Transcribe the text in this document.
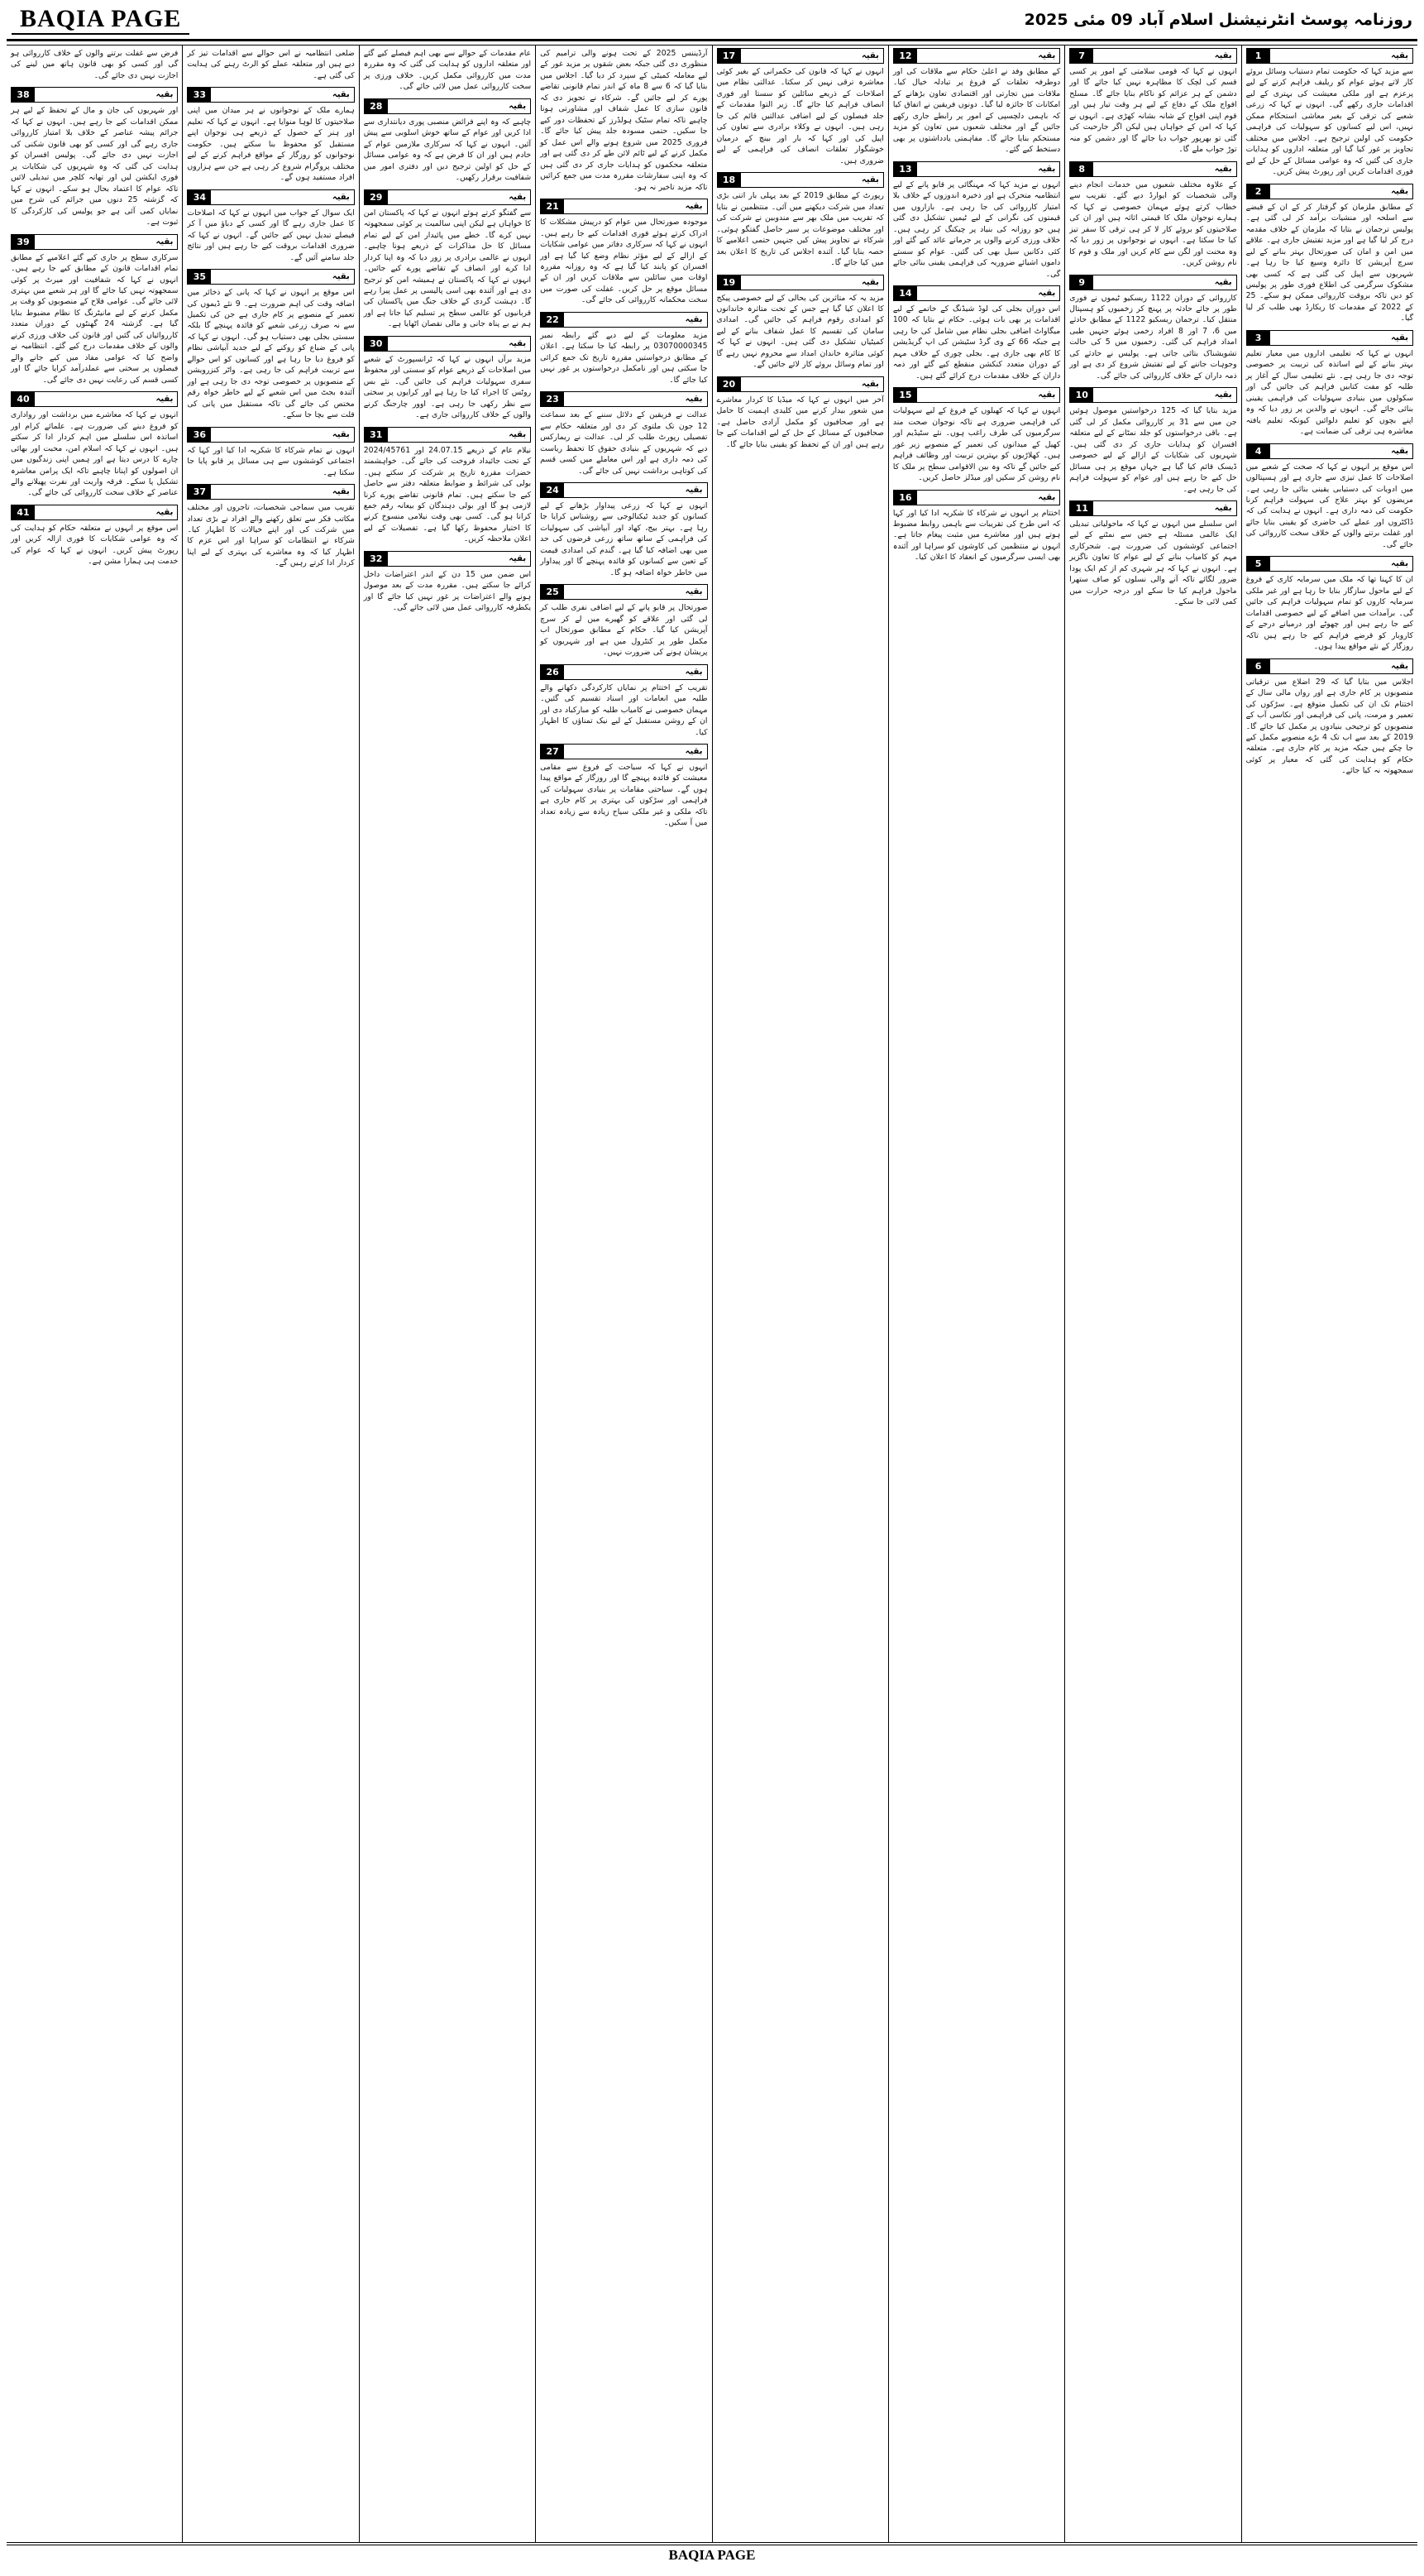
BAQIA PAGE	روزنامہ پوسٹ انٹرنیشنل اسلام آباد 09 مئی 2025
1	بقیہ
سے مزید کہا کہ حکومت تمام دستیاب وسائل بروئے کار لاتے ہوئے عوام کو ریلیف فراہم کرنے کے لیے پرعزم ہے اور ملکی معیشت کی بہتری کے لیے اقدامات جاری رکھے گی۔ انہوں نے کہا کہ زرعی شعبے کی ترقی کے بغیر معاشی استحکام ممکن نہیں، اس لیے کسانوں کو سہولیات کی فراہمی حکومت کی اولین ترجیح ہے۔ اجلاس میں مختلف تجاویز پر غور کیا گیا اور متعلقہ اداروں کو ہدایات جاری کی گئیں کہ وہ عوامی مسائل کے حل کے لیے فوری اقدامات کریں اور رپورٹ پیش کریں۔
2	بقیہ
کے مطابق ملزمان کو گرفتار کر کے ان کے قبضے سے اسلحہ اور منشیات برآمد کر لی گئی ہے۔ پولیس ترجمان نے بتایا کہ ملزمان کے خلاف مقدمہ درج کر لیا گیا ہے اور مزید تفتیش جاری ہے۔ علاقے میں امن و امان کی صورتحال بہتر بنانے کے لیے سرچ آپریشن کا دائرہ وسیع کیا جا رہا ہے۔ شہریوں سے اپیل کی گئی ہے کہ کسی بھی مشکوک سرگرمی کی اطلاع فوری طور پر پولیس کو دیں تاکہ بروقت کارروائی ممکن ہو سکے۔ 25 کے 2022 کے مقدمات کا ریکارڈ بھی طلب کر لیا گیا۔
3	بقیہ
انہوں نے کہا کہ تعلیمی اداروں میں معیار تعلیم بہتر بنانے کے لیے اساتذہ کی تربیت پر خصوصی توجہ دی جا رہی ہے۔ نئے تعلیمی سال کے آغاز پر طلبہ کو مفت کتابیں فراہم کی جائیں گی اور سکولوں میں بنیادی سہولیات کی فراہمی یقینی بنائی جائے گی۔ انہوں نے والدین پر زور دیا کہ وہ اپنے بچوں کو تعلیم دلوائیں کیونکہ تعلیم یافتہ معاشرہ ہی ترقی کی ضمانت ہے۔
4	بقیہ
اس موقع پر انہوں نے کہا کہ صحت کے شعبے میں اصلاحات کا عمل تیزی سے جاری ہے اور ہسپتالوں میں ادویات کی دستیابی یقینی بنائی جا رہی ہے۔ مریضوں کو بہتر علاج کی سہولت فراہم کرنا حکومت کی ذمہ داری ہے۔ انہوں نے ہدایت کی کہ ڈاکٹروں اور عملے کی حاضری کو یقینی بنایا جائے اور غفلت برتنے والوں کے خلاف سخت کارروائی کی جائے گی۔
5	بقیہ
ان کا کہنا تھا کہ ملک میں سرمایہ کاری کے فروغ کے لیے ماحول سازگار بنایا جا رہا ہے اور غیر ملکی سرمایہ کاروں کو تمام سہولیات فراہم کی جائیں گی۔ برآمدات میں اضافے کے لیے خصوصی اقدامات کیے جا رہے ہیں اور چھوٹے اور درمیانے درجے کے کاروبار کو قرضے فراہم کیے جا رہے ہیں تاکہ روزگار کے نئے مواقع پیدا ہوں۔
6	بقیہ
اجلاس میں بتایا گیا کہ 29 اضلاع میں ترقیاتی منصوبوں پر کام جاری ہے اور رواں مالی سال کے اختتام تک ان کی تکمیل متوقع ہے۔ سڑکوں کی تعمیر و مرمت، پانی کی فراہمی اور نکاسی آب کے منصوبوں کو ترجیحی بنیادوں پر مکمل کیا جائے گا۔ 2019 کے بعد سے اب تک 4 بڑے منصوبے مکمل کیے جا چکے ہیں جبکہ مزید پر کام جاری ہے۔ متعلقہ حکام کو ہدایت کی گئی کہ معیار پر کوئی سمجھوتہ نہ کیا جائے۔
7	بقیہ
انہوں نے کہا کہ قومی سلامتی کے امور پر کسی قسم کی لچک کا مظاہرہ نہیں کیا جائے گا اور دشمن کے ہر عزائم کو ناکام بنایا جائے گا۔ مسلح افواج ملک کے دفاع کے لیے ہر وقت تیار ہیں اور قوم اپنی افواج کے شانہ بشانہ کھڑی ہے۔ انہوں نے کہا کہ امن کے خواہاں ہیں لیکن اگر جارحیت کی گئی تو بھرپور جواب دیا جائے گا اور دشمن کو منہ توڑ جواب ملے گا۔
8	بقیہ
کے علاوہ مختلف شعبوں میں خدمات انجام دینے والی شخصیات کو ایوارڈ دیے گئے۔ تقریب سے خطاب کرتے ہوئے مہمان خصوصی نے کہا کہ ہمارے نوجوان ملک کا قیمتی اثاثہ ہیں اور ان کی صلاحیتوں کو بروئے کار لا کر ہی ترقی کا سفر تیز کیا جا سکتا ہے۔ انہوں نے نوجوانوں پر زور دیا کہ وہ محنت اور لگن سے کام کریں اور ملک و قوم کا نام روشن کریں۔
9	بقیہ
کارروائی کے دوران 1122 ریسکیو ٹیموں نے فوری طور پر جائے حادثہ پر پہنچ کر زخمیوں کو ہسپتال منتقل کیا۔ ترجمان ریسکیو 1122 کے مطابق حادثے میں 6، 7 اور 8 افراد زخمی ہوئے جنہیں طبی امداد فراہم کی گئی۔ زخمیوں میں 5 کی حالت تشویشناک بتائی جاتی ہے۔ پولیس نے حادثے کی وجوہات جاننے کے لیے تفتیش شروع کر دی ہے اور ذمہ داران کے خلاف کارروائی کی جائے گی۔
10	بقیہ
مزید بتایا گیا کہ 125 درخواستیں موصول ہوئیں جن میں سے 31 پر کارروائی مکمل کر لی گئی ہے۔ باقی درخواستوں کو جلد نمٹانے کے لیے متعلقہ افسران کو ہدایات جاری کر دی گئی ہیں۔ شہریوں کی شکایات کے ازالے کے لیے خصوصی ڈیسک قائم کیا گیا ہے جہاں موقع پر ہی مسائل حل کیے جا رہے ہیں اور عوام کو سہولت فراہم کی جا رہی ہے۔
11	بقیہ
اس سلسلے میں انہوں نے کہا کہ ماحولیاتی تبدیلی ایک عالمی مسئلہ ہے جس سے نمٹنے کے لیے اجتماعی کوششوں کی ضرورت ہے۔ شجرکاری مہم کو کامیاب بنانے کے لیے عوام کا تعاون ناگزیر ہے۔ انہوں نے کہا کہ ہر شہری کم از کم ایک پودا ضرور لگائے تاکہ آنے والی نسلوں کو صاف ستھرا ماحول فراہم کیا جا سکے اور درجہ حرارت میں کمی لائی جا سکے۔
12	بقیہ
کے مطابق وفد نے اعلیٰ حکام سے ملاقات کی اور دوطرفہ تعلقات کے فروغ پر تبادلہ خیال کیا۔ ملاقات میں تجارتی اور اقتصادی تعاون بڑھانے کے امکانات کا جائزہ لیا گیا۔ دونوں فریقین نے اتفاق کیا کہ باہمی دلچسپی کے امور پر رابطے جاری رکھے جائیں گے اور مختلف شعبوں میں تعاون کو مزید مستحکم بنایا جائے گا۔ مفاہمتی یادداشتوں پر بھی دستخط کیے گئے۔
13	بقیہ
انہوں نے مزید کہا کہ مہنگائی پر قابو پانے کے لیے انتظامیہ متحرک ہے اور ذخیرہ اندوزوں کے خلاف بلا امتیاز کارروائی کی جا رہی ہے۔ بازاروں میں قیمتوں کی نگرانی کے لیے ٹیمیں تشکیل دی گئی ہیں جو روزانہ کی بنیاد پر چیکنگ کر رہی ہیں۔ خلاف ورزی کرنے والوں پر جرمانے عائد کیے گئے اور کئی دکانیں سیل بھی کی گئیں۔ عوام کو سستے داموں اشیائے ضروریہ کی فراہمی یقینی بنائی جائے گی۔
14	بقیہ
اس دوران بجلی کی لوڈ شیڈنگ کے خاتمے کے لیے اقدامات پر بھی بات ہوئی۔ حکام نے بتایا کہ 100 میگاواٹ اضافی بجلی نظام میں شامل کی جا رہی ہے جبکہ 66 کے وی گرڈ سٹیشن کی اپ گریڈیشن کا کام بھی جاری ہے۔ بجلی چوری کے خلاف مہم کے دوران متعدد کنکشن منقطع کیے گئے اور ذمہ داران کے خلاف مقدمات درج کرائے گئے ہیں۔
15	بقیہ
انہوں نے کہا کہ کھیلوں کے فروغ کے لیے سہولیات کی فراہمی ضروری ہے تاکہ نوجوان صحت مند سرگرمیوں کی طرف راغب ہوں۔ نئے سٹیڈیم اور کھیل کے میدانوں کی تعمیر کے منصوبے زیر غور ہیں۔ کھلاڑیوں کو بہترین تربیت اور وظائف فراہم کیے جائیں گے تاکہ وہ بین الاقوامی سطح پر ملک کا نام روشن کر سکیں اور میڈلز حاصل کریں۔
16	بقیہ
اختتام پر انہوں نے شرکاء کا شکریہ ادا کیا اور کہا کہ اس طرح کی تقریبات سے باہمی روابط مضبوط ہوتے ہیں اور معاشرے میں مثبت پیغام جاتا ہے۔ انہوں نے منتظمین کی کاوشوں کو سراہا اور آئندہ بھی ایسی سرگرمیوں کے انعقاد کا اعلان کیا۔
17	بقیہ
انہوں نے کہا کہ قانون کی حکمرانی کے بغیر کوئی معاشرہ ترقی نہیں کر سکتا۔ عدالتی نظام میں اصلاحات کے ذریعے سائلین کو سستا اور فوری انصاف فراہم کیا جائے گا۔ زیر التوا مقدمات کے جلد فیصلوں کے لیے اضافی عدالتیں قائم کی جا رہی ہیں۔ انہوں نے وکلاء برادری سے تعاون کی اپیل کی اور کہا کہ بار اور بینچ کے درمیان خوشگوار تعلقات انصاف کی فراہمی کے لیے ضروری ہیں۔
18	بقیہ
رپورٹ کے مطابق 2019 کے بعد پہلی بار اتنی بڑی تعداد میں شرکت دیکھنے میں آئی۔ منتظمین نے بتایا کہ تقریب میں ملک بھر سے مندوبین نے شرکت کی اور مختلف موضوعات پر سیر حاصل گفتگو ہوئی۔ شرکاء نے تجاویز پیش کیں جنہیں حتمی اعلامیے کا حصہ بنایا گیا۔ آئندہ اجلاس کی تاریخ کا اعلان بعد میں کیا جائے گا۔
19	بقیہ
مزید یہ کہ متاثرین کی بحالی کے لیے خصوصی پیکج کا اعلان کیا گیا ہے جس کے تحت متاثرہ خاندانوں کو امدادی رقوم فراہم کی جائیں گی۔ امدادی سامان کی تقسیم کا عمل شفاف بنانے کے لیے کمیٹیاں تشکیل دی گئی ہیں۔ انہوں نے کہا کہ کوئی متاثرہ خاندان امداد سے محروم نہیں رہے گا اور تمام وسائل بروئے کار لائے جائیں گے۔
20	بقیہ
آخر میں انہوں نے کہا کہ میڈیا کا کردار معاشرے میں شعور بیدار کرنے میں کلیدی اہمیت کا حامل ہے اور صحافیوں کو مکمل آزادی حاصل ہے۔ صحافیوں کے مسائل کے حل کے لیے اقدامات کیے جا رہے ہیں اور ان کے تحفظ کو یقینی بنایا جائے گا۔
آرڈیننس 2025 کے تحت ہونے والی ترامیم کی منظوری دی گئی جبکہ بعض شقوں پر مزید غور کے لیے معاملہ کمیٹی کے سپرد کر دیا گیا۔ اجلاس میں بتایا گیا کہ 6 سے 8 ماہ کے اندر تمام قانونی تقاضے پورے کر لیے جائیں گے۔ شرکاء نے تجویز دی کہ قانون سازی کا عمل شفاف اور مشاورتی ہونا چاہیے تاکہ تمام سٹیک ہولڈرز کے تحفظات دور کیے جا سکیں۔ حتمی مسودہ جلد پیش کیا جائے گا۔ فروری 2025 میں شروع ہونے والے اس عمل کو مکمل کرنے کے لیے ٹائم لائن طے کر دی گئی ہے اور متعلقہ محکموں کو ہدایات جاری کر دی گئی ہیں کہ وہ اپنی سفارشات مقررہ مدت میں جمع کرائیں تاکہ مزید تاخیر نہ ہو۔
21	بقیہ
موجودہ صورتحال میں عوام کو درپیش مشکلات کا ادراک کرتے ہوئے فوری اقدامات کیے جا رہے ہیں۔ انہوں نے کہا کہ سرکاری دفاتر میں عوامی شکایات کے ازالے کے لیے مؤثر نظام وضع کیا گیا ہے اور افسران کو پابند کیا گیا ہے کہ وہ روزانہ مقررہ اوقات میں سائلین سے ملاقات کریں اور ان کے مسائل موقع پر حل کریں۔ غفلت کی صورت میں سخت محکمانہ کارروائی کی جائے گی۔
22	بقیہ
مزید معلومات کے لیے دیے گئے رابطہ نمبر 03070000345 پر رابطہ کیا جا سکتا ہے۔ اعلان کے مطابق درخواستیں مقررہ تاریخ تک جمع کرائی جا سکتی ہیں اور نامکمل درخواستوں پر غور نہیں کیا جائے گا۔
23	بقیہ
عدالت نے فریقین کے دلائل سننے کے بعد سماعت 12 جون تک ملتوی کر دی اور متعلقہ حکام سے تفصیلی رپورٹ طلب کر لی۔ عدالت نے ریمارکس دیے کہ شہریوں کے بنیادی حقوق کا تحفظ ریاست کی ذمہ داری ہے اور اس معاملے میں کسی قسم کی کوتاہی برداشت نہیں کی جائے گی۔
24	بقیہ
انہوں نے کہا کہ زرعی پیداوار بڑھانے کے لیے کسانوں کو جدید ٹیکنالوجی سے روشناس کرایا جا رہا ہے۔ بہتر بیج، کھاد اور آبپاشی کی سہولیات کی فراہمی کے ساتھ ساتھ زرعی قرضوں کی حد میں بھی اضافہ کیا گیا ہے۔ گندم کی امدادی قیمت کے تعین سے کسانوں کو فائدہ پہنچے گا اور پیداوار میں خاطر خواہ اضافہ ہو گا۔
25	بقیہ
صورتحال پر قابو پانے کے لیے اضافی نفری طلب کر لی گئی اور علاقے کو گھیرے میں لے کر سرچ آپریشن کیا گیا۔ حکام کے مطابق صورتحال اب مکمل طور پر کنٹرول میں ہے اور شہریوں کو پریشان ہونے کی ضرورت نہیں۔
26	بقیہ
تقریب کے اختتام پر نمایاں کارکردگی دکھانے والے طلبہ میں انعامات اور اسناد تقسیم کی گئیں۔ مہمان خصوصی نے کامیاب طلبہ کو مبارکباد دی اور ان کے روشن مستقبل کے لیے نیک تمناؤں کا اظہار کیا۔
27	بقیہ
انہوں نے کہا کہ سیاحت کے فروغ سے مقامی معیشت کو فائدہ پہنچے گا اور روزگار کے مواقع پیدا ہوں گے۔ سیاحتی مقامات پر بنیادی سہولیات کی فراہمی اور سڑکوں کی بہتری پر کام جاری ہے تاکہ ملکی و غیر ملکی سیاح زیادہ سے زیادہ تعداد میں آ سکیں۔
عام مقدمات کے حوالے سے بھی اہم فیصلے کیے گئے اور متعلقہ اداروں کو ہدایت کی گئی کہ وہ مقررہ مدت میں کارروائی مکمل کریں۔ خلاف ورزی پر سخت کارروائی عمل میں لائی جائے گی۔
28	بقیہ
چاہیے کہ وہ اپنے فرائض منصبی پوری دیانتداری سے ادا کریں اور عوام کے ساتھ خوش اسلوبی سے پیش آئیں۔ انہوں نے کہا کہ سرکاری ملازمین عوام کے خادم ہیں اور ان کا فرض ہے کہ وہ عوامی مسائل کے حل کو اولین ترجیح دیں اور دفتری امور میں شفافیت برقرار رکھیں۔
29	بقیہ
سے گفتگو کرتے ہوئے انہوں نے کہا کہ پاکستان امن کا خواہاں ہے لیکن اپنی سالمیت پر کوئی سمجھوتہ نہیں کرے گا۔ خطے میں پائیدار امن کے لیے تمام مسائل کا حل مذاکرات کے ذریعے ہونا چاہیے۔ انہوں نے عالمی برادری پر زور دیا کہ وہ اپنا کردار ادا کرے اور انصاف کے تقاضے پورے کیے جائیں۔ انہوں نے کہا کہ پاکستان نے ہمیشہ امن کو ترجیح دی ہے اور آئندہ بھی اسی پالیسی پر عمل پیرا رہے گا۔ دہشت گردی کے خلاف جنگ میں پاکستان کی قربانیوں کو عالمی سطح پر تسلیم کیا جاتا ہے اور ہم نے بے پناہ جانی و مالی نقصان اٹھایا ہے۔
30	بقیہ
مزید برآں انہوں نے کہا کہ ٹرانسپورٹ کے شعبے میں اصلاحات کے ذریعے عوام کو سستی اور محفوظ سفری سہولیات فراہم کی جائیں گی۔ نئے بس روٹس کا اجراء کیا جا رہا ہے اور کرایوں پر سختی سے نظر رکھی جا رہی ہے۔ اوور چارجنگ کرنے والوں کے خلاف کارروائی جاری ہے۔
31	بقیہ
نیلام عام کے ذریعے 24.07.15 اور 2024/45761 کے تحت جائیداد فروخت کی جائے گی۔ خواہشمند حضرات مقررہ تاریخ پر شرکت کر سکتے ہیں۔ بولی کی شرائط و ضوابط متعلقہ دفتر سے حاصل کیے جا سکتے ہیں۔ تمام قانونی تقاضے پورے کرنا لازمی ہو گا اور بولی دہندگان کو بیعانہ رقم جمع کرانا ہو گی۔ کسی بھی وقت نیلامی منسوخ کرنے کا اختیار محفوظ رکھا گیا ہے۔ تفصیلات کے لیے اعلان ملاحظہ کریں۔
32	بقیہ
اس ضمن میں 15 دن کے اندر اعتراضات داخل کرائے جا سکتے ہیں۔ مقررہ مدت کے بعد موصول ہونے والے اعتراضات پر غور نہیں کیا جائے گا اور یکطرفہ کارروائی عمل میں لائی جائے گی۔
ضلعی انتظامیہ نے اس حوالے سے اقدامات تیز کر دیے ہیں اور متعلقہ عملے کو الرٹ رہنے کی ہدایت کی گئی ہے۔
33	بقیہ
ہمارے ملک کے نوجوانوں نے ہر میدان میں اپنی صلاحیتوں کا لوہا منوایا ہے۔ انہوں نے کہا کہ تعلیم اور ہنر کے حصول کے ذریعے ہی نوجوان اپنے مستقبل کو محفوظ بنا سکتے ہیں۔ حکومت نوجوانوں کو روزگار کے مواقع فراہم کرنے کے لیے مختلف پروگرام شروع کر رہی ہے جن سے ہزاروں افراد مستفید ہوں گے۔
34	بقیہ
ایک سوال کے جواب میں انہوں نے کہا کہ اصلاحات کا عمل جاری رہے گا اور کسی کے دباؤ میں آ کر فیصلے تبدیل نہیں کیے جائیں گے۔ انہوں نے کہا کہ ضروری اقدامات بروقت کیے جا رہے ہیں اور نتائج جلد سامنے آئیں گے۔
35	بقیہ
اس موقع پر انہوں نے کہا کہ پانی کے ذخائر میں اضافہ وقت کی اہم ضرورت ہے۔ 9 نئے ڈیموں کی تعمیر کے منصوبے پر کام جاری ہے جن کی تکمیل سے نہ صرف زرعی شعبے کو فائدہ پہنچے گا بلکہ سستی بجلی بھی دستیاب ہو گی۔ انہوں نے کہا کہ پانی کے ضیاع کو روکنے کے لیے جدید آبپاشی نظام کو فروغ دیا جا رہا ہے اور کسانوں کو اس حوالے سے تربیت فراہم کی جا رہی ہے۔ واٹر کنزرویشن کے منصوبوں پر خصوصی توجہ دی جا رہی ہے اور آئندہ بجٹ میں اس شعبے کے لیے خاطر خواہ رقم مختص کی جائے گی تاکہ مستقبل میں پانی کی قلت سے بچا جا سکے۔
36	بقیہ
انہوں نے تمام شرکاء کا شکریہ ادا کیا اور کہا کہ اجتماعی کوششوں سے ہی مسائل پر قابو پایا جا سکتا ہے۔
37	بقیہ
تقریب میں سماجی شخصیات، تاجروں اور مختلف مکاتب فکر سے تعلق رکھنے والے افراد نے بڑی تعداد میں شرکت کی اور اپنے خیالات کا اظہار کیا۔ شرکاء نے انتظامات کو سراہا اور اس عزم کا اظہار کیا کہ وہ معاشرے کی بہتری کے لیے اپنا کردار ادا کرتے رہیں گے۔
فرض سے غفلت برتنے والوں کے خلاف کارروائی ہو گی اور کسی کو بھی قانون ہاتھ میں لینے کی اجازت نہیں دی جائے گی۔
38	بقیہ
اور شہریوں کی جان و مال کے تحفظ کے لیے ہر ممکن اقدامات کیے جا رہے ہیں۔ انہوں نے کہا کہ جرائم پیشہ عناصر کے خلاف بلا امتیاز کارروائی جاری رہے گی اور کسی کو بھی قانون شکنی کی اجازت نہیں دی جائے گی۔ پولیس افسران کو ہدایت کی گئی کہ وہ شہریوں کی شکایات پر فوری ایکشن لیں اور تھانہ کلچر میں تبدیلی لائیں تاکہ عوام کا اعتماد بحال ہو سکے۔ انہوں نے کہا کہ گزشتہ 25 دنوں میں جرائم کی شرح میں نمایاں کمی آئی ہے جو پولیس کی کارکردگی کا ثبوت ہے۔
39	بقیہ
سرکاری سطح پر جاری کیے گئے اعلامیے کے مطابق تمام اقدامات قانون کے مطابق کیے جا رہے ہیں۔ انہوں نے کہا کہ شفافیت اور میرٹ پر کوئی سمجھوتہ نہیں کیا جائے گا اور ہر شعبے میں بہتری لائی جائے گی۔ عوامی فلاح کے منصوبوں کو وقت پر مکمل کرنے کے لیے مانیٹرنگ کا نظام مضبوط بنایا گیا ہے۔ گزشتہ 24 گھنٹوں کے دوران متعدد کارروائیاں کی گئیں اور قانون کی خلاف ورزی کرنے والوں کے خلاف مقدمات درج کیے گئے۔ انتظامیہ نے واضح کیا کہ عوامی مفاد میں کیے جانے والے فیصلوں پر سختی سے عملدرآمد کرایا جائے گا اور کسی قسم کی رعایت نہیں دی جائے گی۔
40	بقیہ
انہوں نے کہا کہ معاشرے میں برداشت اور رواداری کو فروغ دینے کی ضرورت ہے۔ علمائے کرام اور اساتذہ اس سلسلے میں اہم کردار ادا کر سکتے ہیں۔ انہوں نے کہا کہ اسلام امن، محبت اور بھائی چارے کا درس دیتا ہے اور ہمیں اپنی زندگیوں میں ان اصولوں کو اپنانا چاہیے تاکہ ایک پرامن معاشرہ تشکیل پا سکے۔ فرقہ واریت اور نفرت پھیلانے والے عناصر کے خلاف سخت کارروائی کی جائے گی۔
41	بقیہ
اس موقع پر انہوں نے متعلقہ حکام کو ہدایت کی کہ وہ عوامی شکایات کا فوری ازالہ کریں اور رپورٹ پیش کریں۔ انہوں نے کہا کہ عوام کی خدمت ہی ہمارا مشن ہے۔
BAQIA PAGE
